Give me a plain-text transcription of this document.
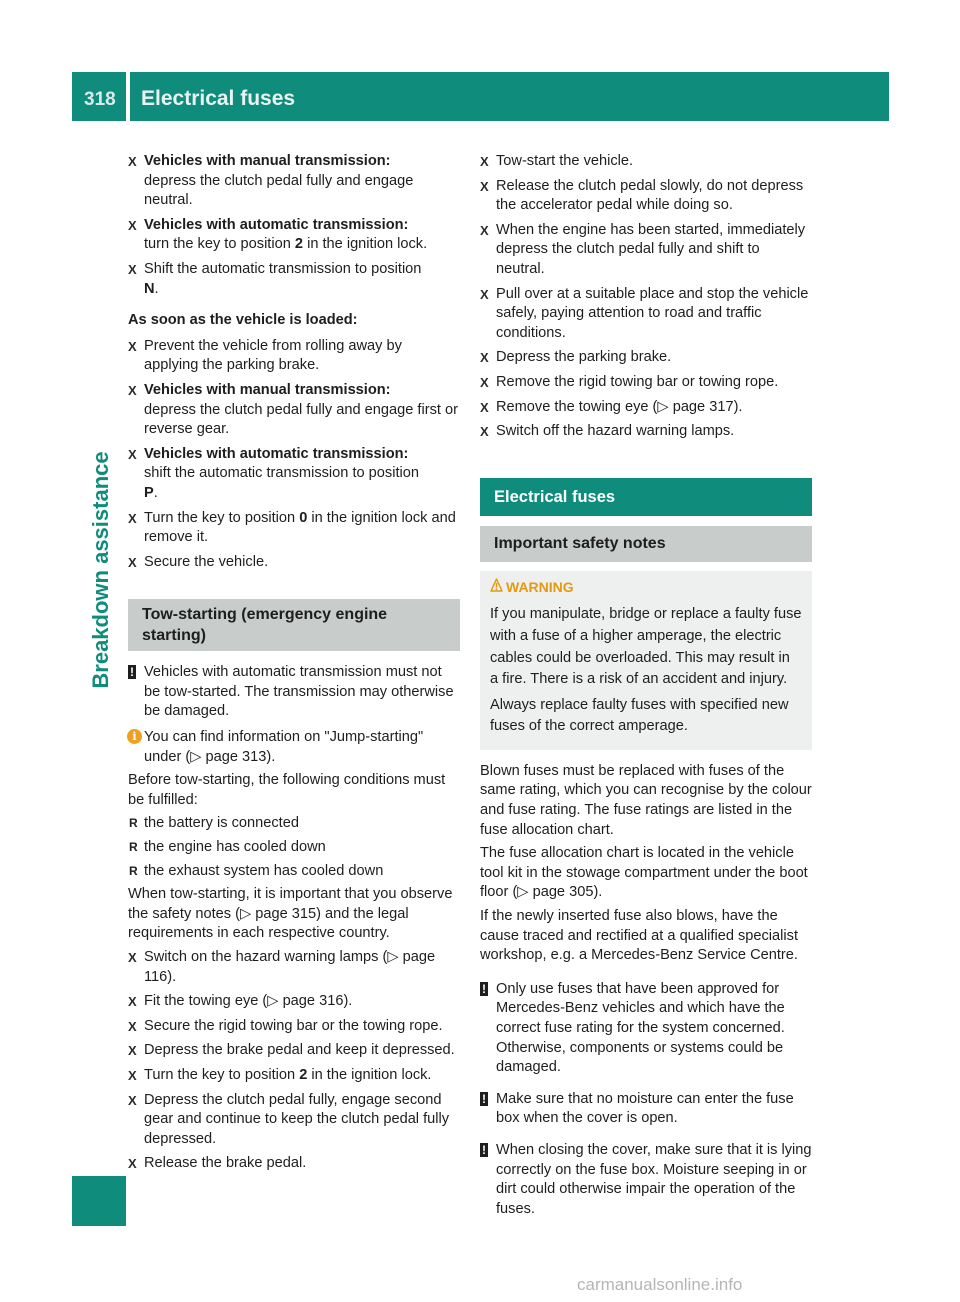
318 Electrical fuses
Breakdown assistance
X Vehicles with manual transmission:
depress the clutch pedal fully and engage neutral.
X Vehicles with automatic transmission:
turn the key to position 2 in the ignition lock.
X Shift the automatic transmission to position
N.
As soon as the vehicle is loaded:
X Prevent the vehicle from rolling away by applying the parking brake.
X Vehicles with manual transmission:
depress the clutch pedal fully and engage first or reverse gear.
X Vehicles with automatic transmission:
shift the automatic transmission to position
P.
X Turn the key to position 0 in the ignition lock and remove it.
X Secure the vehicle.
Tow-starting (emergency engine starting)
! Vehicles with automatic transmission must not be tow-started. The transmission may otherwise be damaged.
i You can find information on "Jump-starting" under (▷ page 313).

Before tow-starting, the following conditions must be fulfilled:

R the battery is connected
R the engine has cooled down
R the exhaust system has cooled down

When tow-starting, it is important that you observe the safety notes (▷ page 315) and the legal requirements in each respective country.

X Switch on the hazard warning lamps (▷ page 116).
X Fit the towing eye (▷ page 316).
X Secure the rigid towing bar or the towing rope.
X Depress the brake pedal and keep it depressed.
X Turn the key to position 2 in the ignition lock.
X Depress the clutch pedal fully, engage second gear and continue to keep the clutch pedal fully depressed.
X Release the brake pedal.
X Tow-start the vehicle.
X Release the clutch pedal slowly, do not depress the accelerator pedal while doing so.
X When the engine has been started, immediately depress the clutch pedal fully and shift to neutral.
X Pull over at a suitable place and stop the vehicle safely, paying attention to road and traffic conditions.
X Depress the parking brake.
X Remove the rigid towing bar or towing rope.
X Remove the towing eye (▷ page 317).
X Switch off the hazard warning lamps.
Electrical fuses
Important safety notes
WARNING

If you manipulate, bridge or replace a faulty fuse with a fuse of a higher amperage, the electric cables could be overloaded. This may result in a fire. There is a risk of an accident and injury.

Always replace faulty fuses with specified new fuses of the correct amperage.

Blown fuses must be replaced with fuses of the same rating, which you can recognise by the colour and fuse rating. The fuse ratings are listed in the fuse allocation chart.

The fuse allocation chart is located in the vehicle tool kit in the stowage compartment under the boot floor (▷ page 305).

If the newly inserted fuse also blows, have the cause traced and rectified at a qualified specialist workshop, e.g. a Mercedes-Benz Service Centre.

! Only use fuses that have been approved for Mercedes-Benz vehicles and which have the correct fuse rating for the system concerned. Otherwise, components or systems could be damaged.
! Make sure that no moisture can enter the fuse box when the cover is open.
! When closing the cover, make sure that it is lying correctly on the fuse box. Moisture seeping in or dirt could otherwise impair the operation of the fuses.
carmanualsonline.info
